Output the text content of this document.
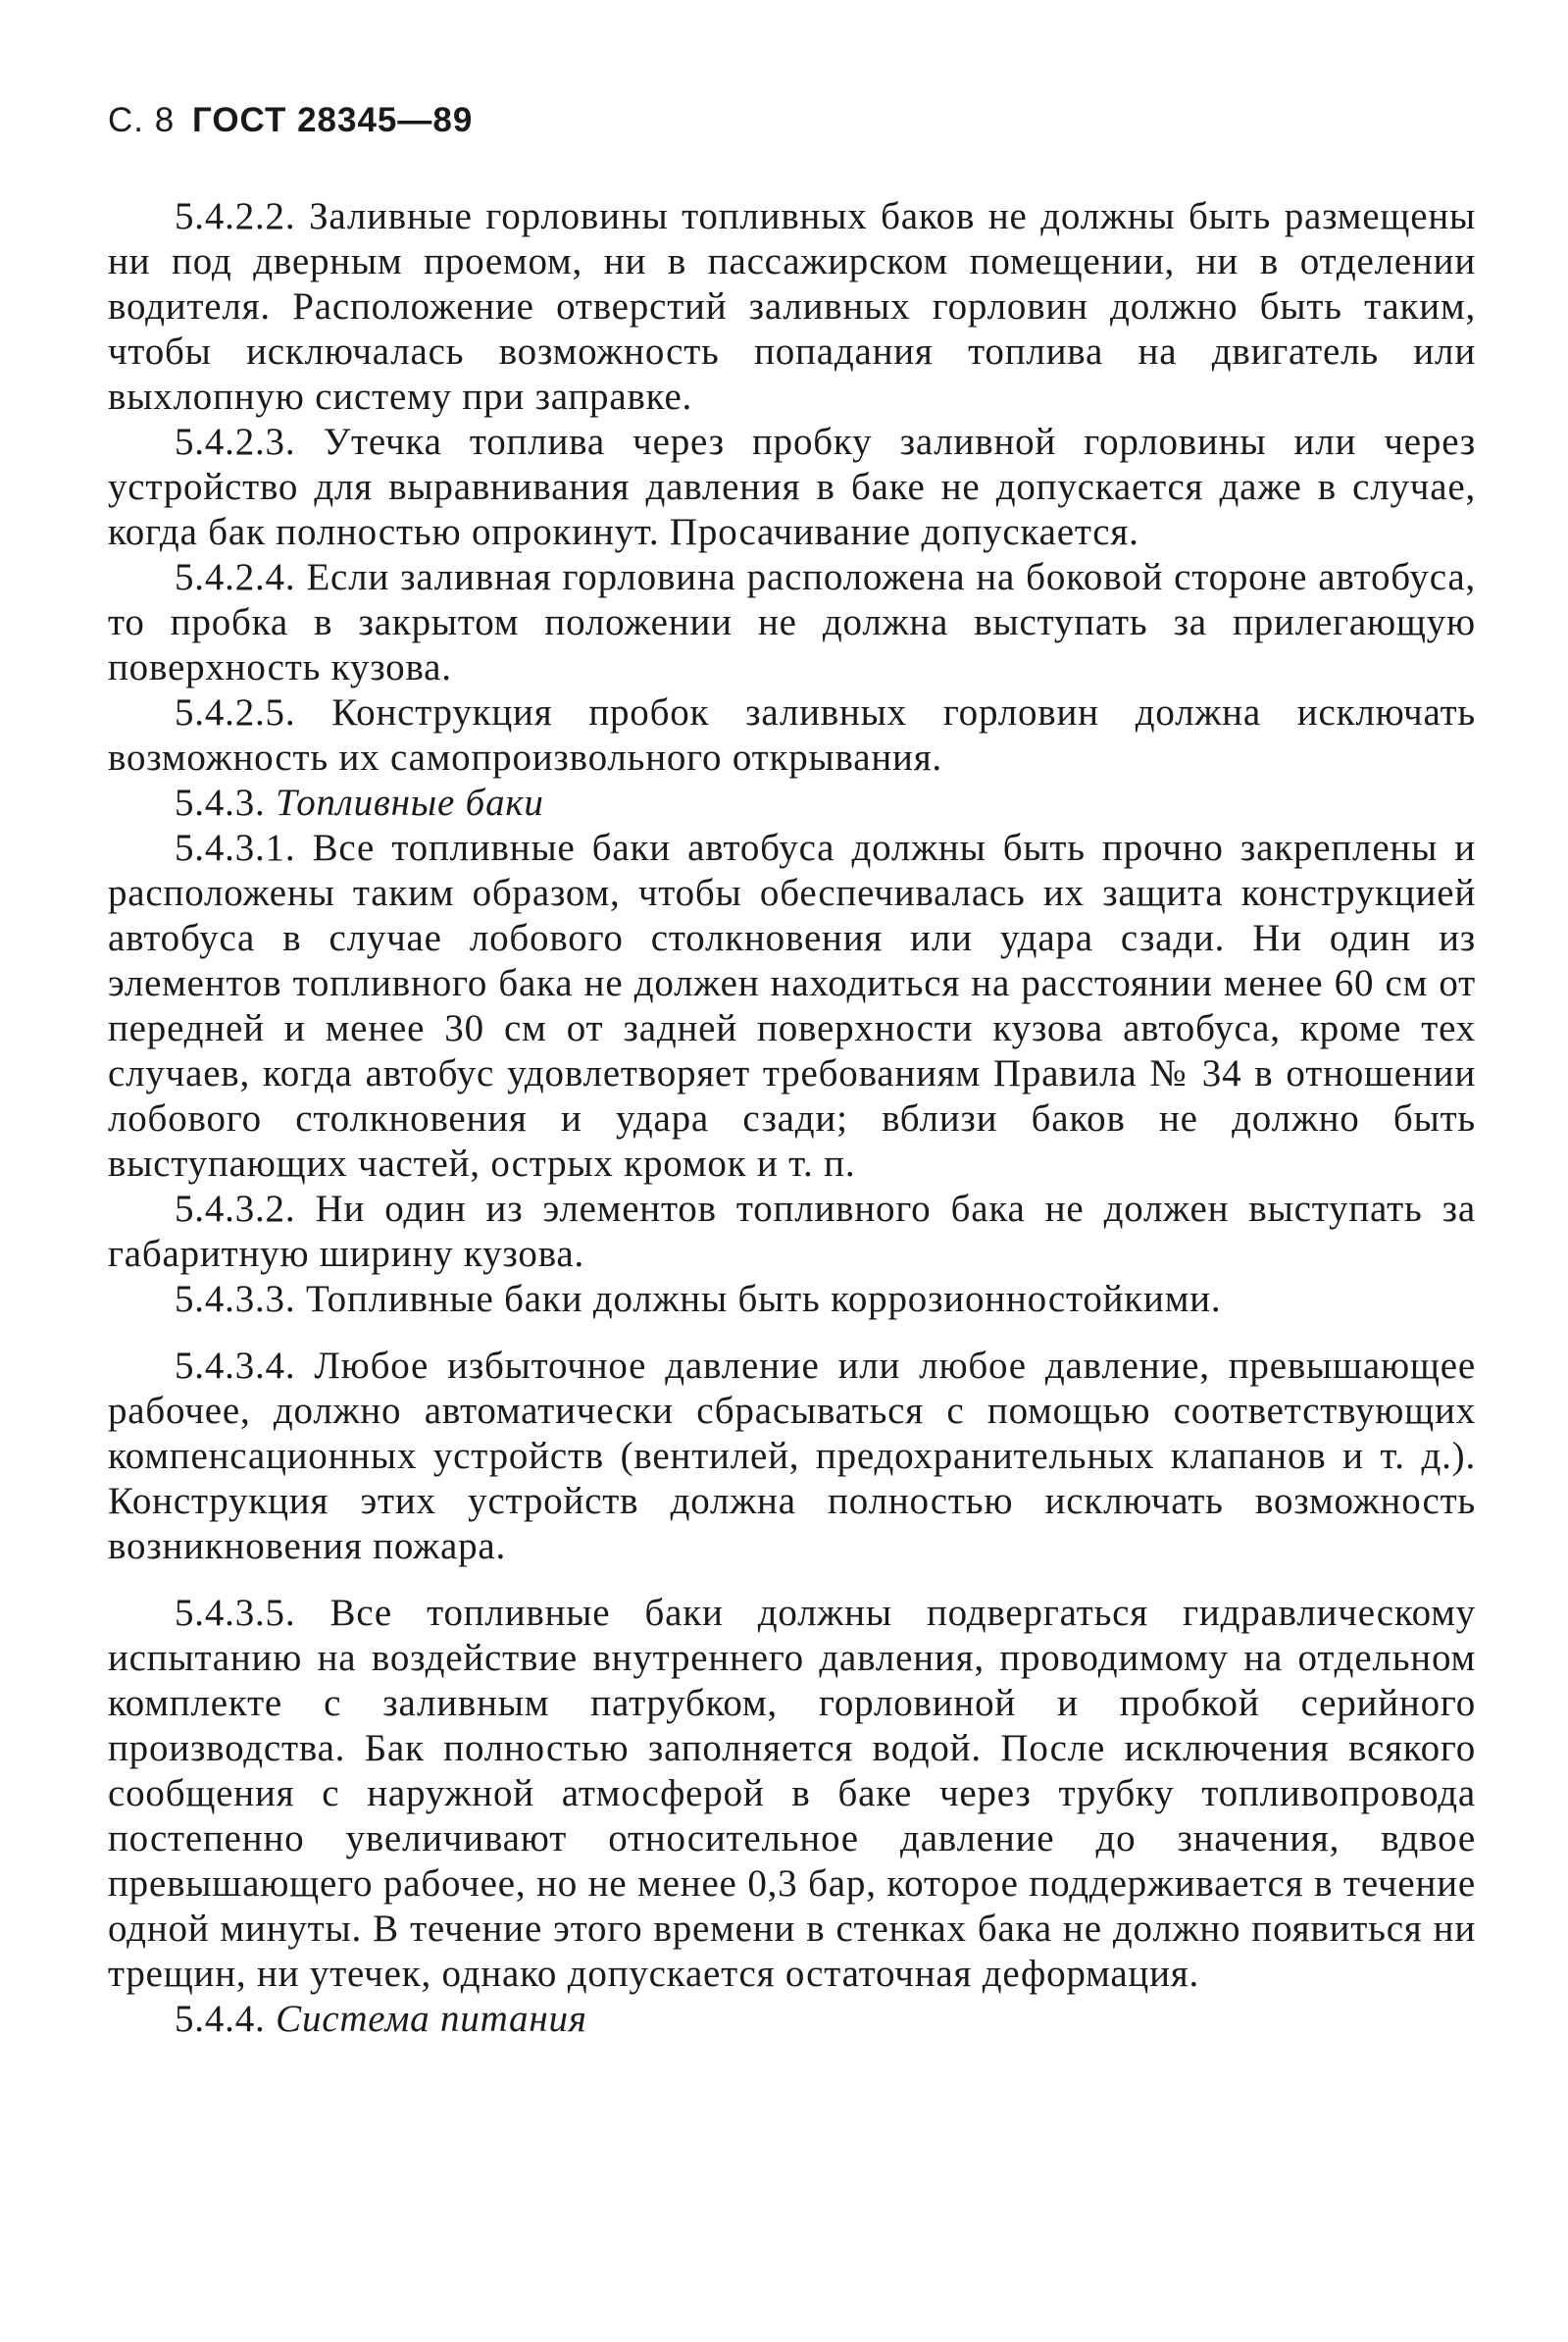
С. 8 ГОСТ 28345—89

5.4.2.2. Заливные горловины топливных баков не должны быть размещены ни под дверным проемом, ни в пассажирском помещении, ни в отделении водителя. Расположение отверстий заливных горловин должно быть таким, чтобы исключалась возможность попадания топлива на двигатель или выхлопную систему при заправке.

5.4.2.3. Утечка топлива через пробку заливной горловины или через устройство для выравнивания давления в баке не допускается даже в случае, когда бак полностью опрокинут. Просачивание допускается.

5.4.2.4. Если заливная горловина расположена на боковой стороне автобуса, то пробка в закрытом положении не должна выступать за прилегающую поверхность кузова.

5.4.2.5. Конструкция пробок заливных горловин должна исключать возможность их самопроизвольного открывания.

5.4.3. Топливные баки

5.4.3.1. Все топливные баки автобуса должны быть прочно закреплены и расположены таким образом, чтобы обеспечивалась их защита конструкцией автобуса в случае лобового столкновения или удара сзади. Ни один из элементов топливного бака не должен находиться на расстоянии менее 60 см от передней и менее 30 см от задней поверхности кузова автобуса, кроме тех случаев, когда автобус удовлетворяет требованиям Правила № 34 в отношении лобового столкновения и удара сзади; вблизи баков не должно быть выступающих частей, острых кромок и т. п.

5.4.3.2. Ни один из элементов топливного бака не должен выступать за габаритную ширину кузова.

5.4.3.3. Топливные баки должны быть коррозионностойкими.

5.4.3.4. Любое избыточное давление или любое давление, превышающее рабочее, должно автоматически сбрасываться с помощью соответствующих компенсационных устройств (вентилей, предохранительных клапанов и т. д.). Конструкция этих устройств должна полностью исключать возможность возникновения пожара.

5.4.3.5. Все топливные баки должны подвергаться гидравлическому испытанию на воздействие внутреннего давления, проводимому на отдельном комплекте с заливным патрубком, горловиной и пробкой серийного производства. Бак полностью заполняется водой. После исключения всякого сообщения с наружной атмосферой в баке через трубку топливопровода постепенно увеличивают относительное давление до значения, вдвое превышающего рабочее, но не менее 0,3 бар, которое поддерживается в течение одной минуты. В течение этого времени в стенках бака не должно появиться ни трещин, ни утечек, однако допускается остаточная деформация.

5.4.4. Система питания
